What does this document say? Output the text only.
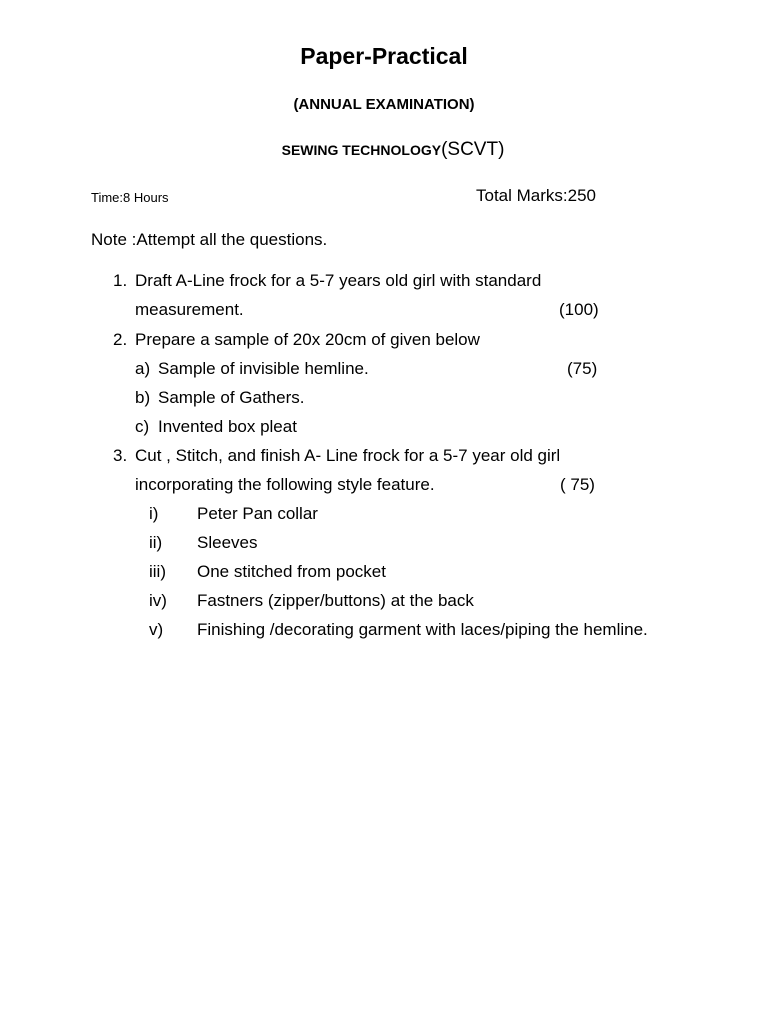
Paper-Practical
(ANNUAL EXAMINATION)
SEWING TECHNOLOGY(SCVT)
Time:8 Hours	Total Marks:250
Note :Attempt all the questions.
1. Draft A-Line frock for a 5-7 years old girl with standard
measurement.	(100)
2. Prepare a sample of 20x 20cm of given below
a) Sample of invisible hemline.	(75)
b) Sample of Gathers.
c) Invented box pleat
3. Cut , Stitch, and finish A- Line frock for a 5-7 year old girl
incorporating the following style feature.	( 75)
i) Peter Pan collar
ii) Sleeves
iii) One stitched from pocket
iv) Fastners (zipper/buttons) at the back
v) Finishing /decorating garment with laces/piping the hemline.
